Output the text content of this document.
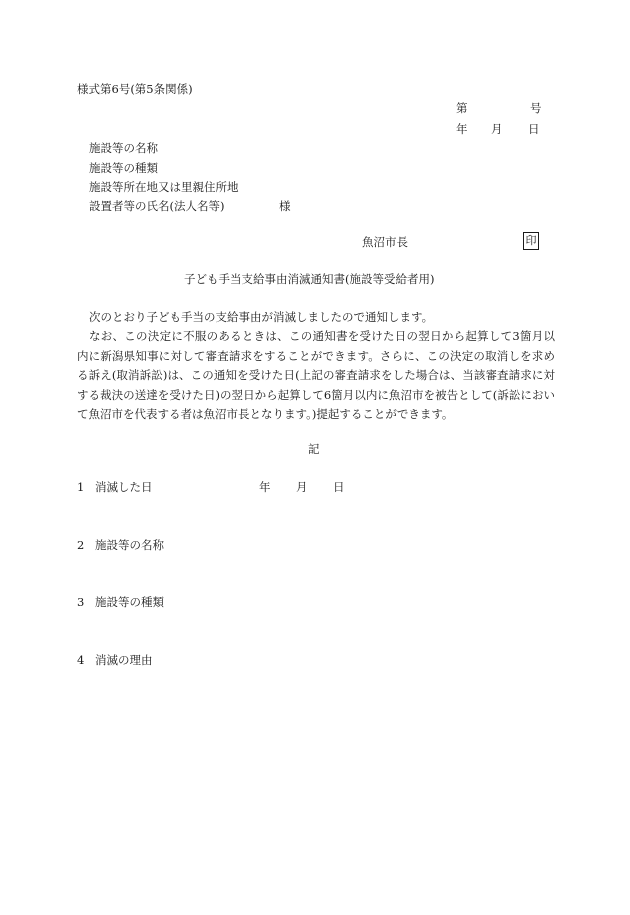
様式第6号(第5条関係)
第	号
年 月 日
施設等の名称
施設等の種類
施設等所在地又は里親住所地
設置者等の氏名(法人名等)	様
魚沼市長	印
子ども手当支給事由消滅通知書(施設等受給者用)
次のとおり子ども手当の支給事由が消滅しましたので通知します。
なお、この決定に不服のあるときは、この通知書を受けた日の翌日から起算して3箇月以内に新潟県知事に対して審査請求をすることができます。さらに、この決定の取消しを求める訴え(取消訴訟)は、この通知を受けた日(上記の審査請求をした場合は、当該審査請求に対する裁決の送達を受けた日)の翌日から起算して6箇月以内に魚沼市を被告として(訴訟において魚沼市を代表する者は魚沼市長となります。)提起することができます。
記
1 消滅した日	年 月 日
2 施設等の名称
3 施設等の種類
4 消滅の理由
